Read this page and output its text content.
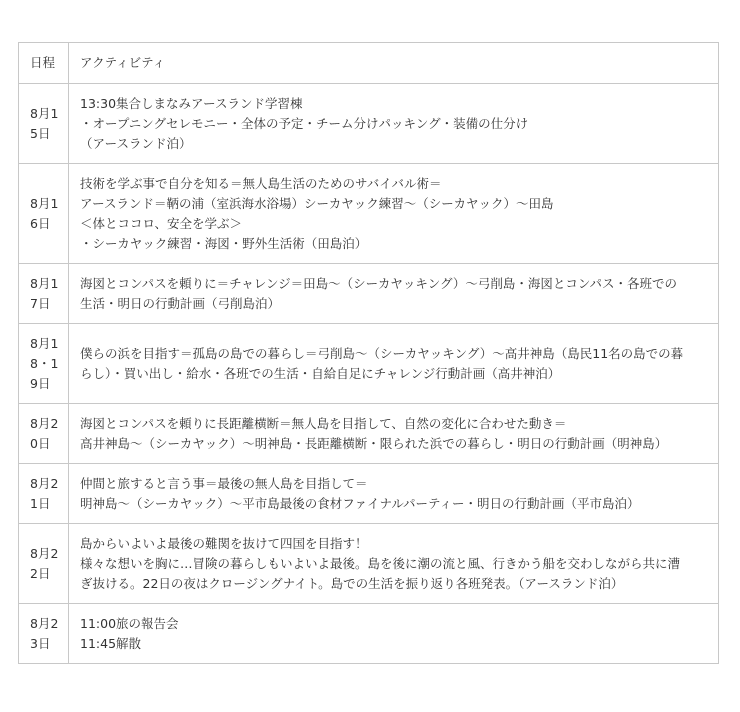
日程	アクティビティ

8月1
5日	13:30集合しまなみアースランド学習棟
・オープニングセレモニー・全体の予定・チーム分けパッキング・装備の仕分け
（アースランド泊）

8月1
6日	技術を学ぶ事で自分を知る＝無人島生活のためのサバイバル術＝
アースランド＝鞆の浦（室浜海水浴場）シーカヤック練習〜（シーカヤック）〜田島
＜体とココロ、安全を学ぶ＞
・シーカヤック練習・海図・野外生活術（田島泊）

8月1
7日	海図とコンパスを頼りに＝チャレンジ＝田島〜（シーカヤッキング）〜弓削島・海図とコンパス・各班での
生活・明日の行動計画（弓削島泊）

8月1
8・1
9日	僕らの浜を目指す＝孤島の島での暮らし＝弓削島〜（シーカヤッキング）〜高井神島（島民11名の島での暮
らし）・買い出し・給水・各班での生活・自給自足にチャレンジ行動計画（高井神泊）

8月2
0日	海図とコンパスを頼りに長距離横断＝無人島を目指して、自然の変化に合わせた動き＝
高井神島〜（シーカヤック）〜明神島・長距離横断・限られた浜での暮らし・明日の行動計画（明神島）

8月2
1日	仲間と旅すると言う事＝最後の無人島を目指して＝
明神島〜（シーカヤック）〜平市島最後の食材ファイナルパーティー・明日の行動計画（平市島泊）

8月2
2日	島からいよいよ最後の難関を抜けて四国を目指す！
様々な想いを胸に…冒険の暮らしもいよいよ最後。島を後に潮の流と風、行きかう船を交わしながら共に漕
ぎ抜ける。22日の夜はクロージングナイト。島での生活を振り返り各班発表。（アースランド泊）

8月2
3日	11:00旅の報告会
11:45解散
